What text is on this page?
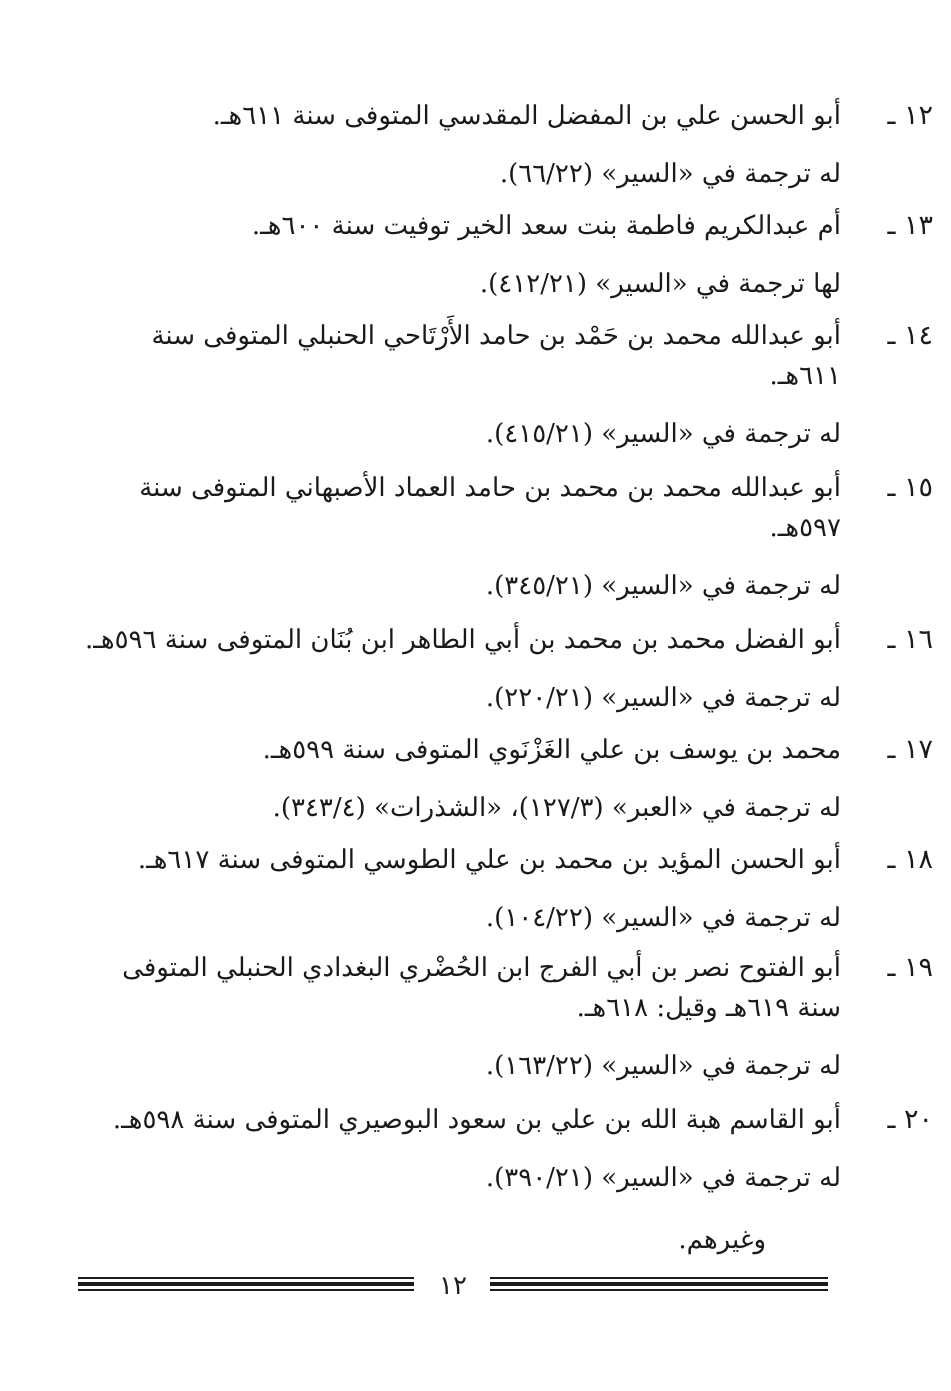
١٢ ـ

أبو الحسن علي بن المفضل المقدسي المتوفى سنة ٦١١هـ.

له ترجمة في «السير» (٦٦/٢٢).

١٣ ـ

أم عبدالكريم فاطمة بنت سعد الخير توفيت سنة ٦٠٠هـ.

لها ترجمة في «السير» (٤١٢/٢١).

١٤ ـ

أبو عبدالله محمد بن حَمْد بن حامد الأَرْتَاحي الحنبلي المتوفى سنة ٦١١هـ.

له ترجمة في «السير» (٤١٥/٢١).

١٥ ـ

أبو عبدالله محمد بن محمد بن حامد العماد الأصبهاني المتوفى سنة ٥٩٧هـ.

له ترجمة في «السير» (٣٤٥/٢١).

١٦ ـ

أبو الفضل محمد بن محمد بن أبي الطاهر ابن بُنَان المتوفى سنة ٥٩٦هـ.

له ترجمة في «السير» (٢٢٠/٢١).

١٧ ـ

محمد بن يوسف بن علي الغَزْنَوي المتوفى سنة ٥٩٩هـ.

له ترجمة في «العبر» (١٢٧/٣)، «الشذرات» (٣٤٣/٤).

١٨ ـ

أبو الحسن المؤيد بن محمد بن علي الطوسي المتوفى سنة ٦١٧هـ.

له ترجمة في «السير» (١٠٤/٢٢).

١٩ ـ

أبو الفتوح نصر بن أبي الفرج ابن الحُضْري البغدادي الحنبلي المتوفى سنة ٦١٩هـ وقيل: ٦١٨هـ.

له ترجمة في «السير» (١٦٣/٢٢).

٢٠ ـ

أبو القاسم هبة الله بن علي بن سعود البوصيري المتوفى سنة ٥٩٨هـ.

له ترجمة في «السير» (٣٩٠/٢١).

وغيرهم.
١٢
